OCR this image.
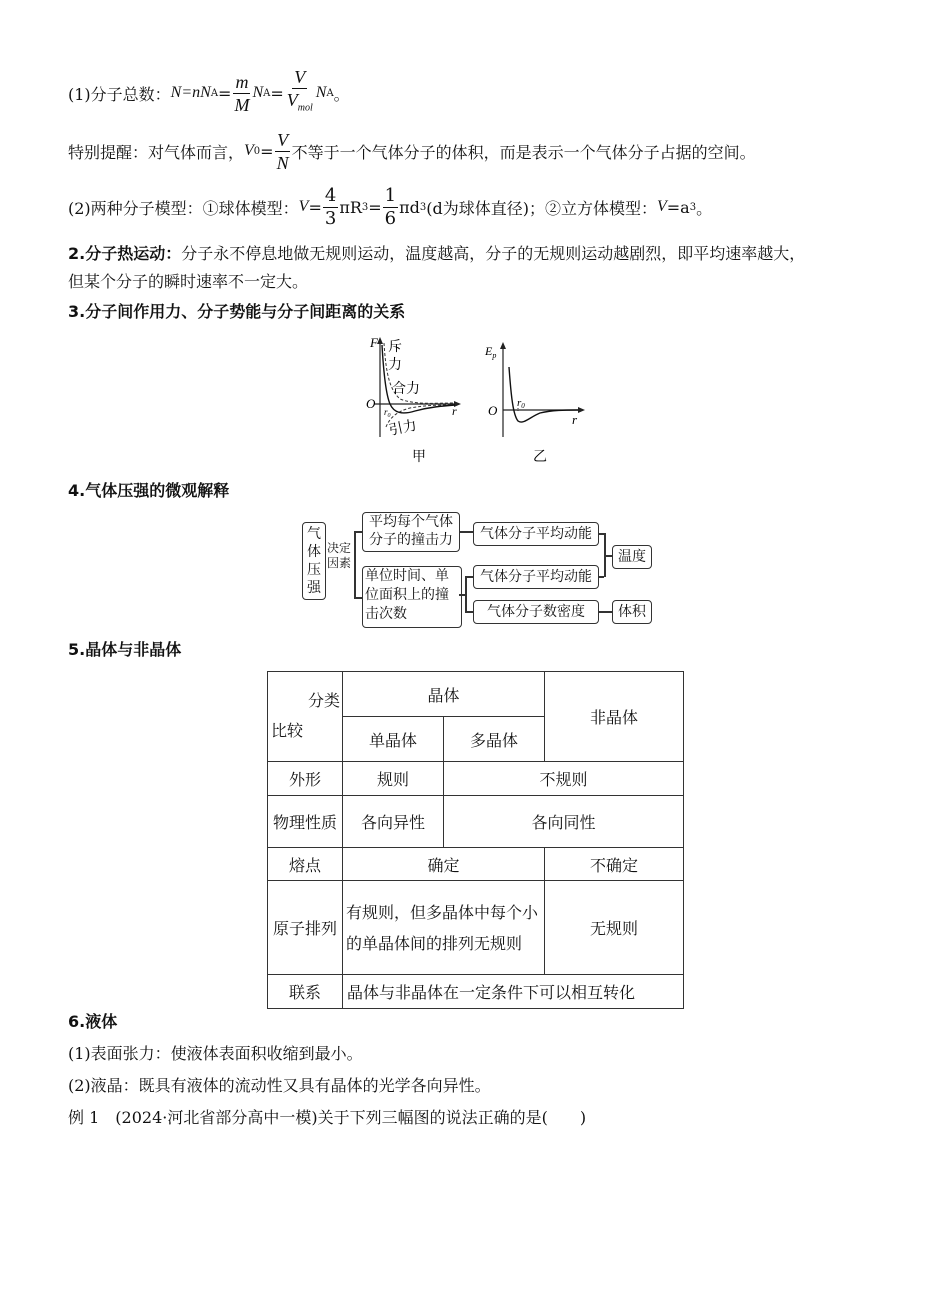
(1)分子总数： N=nN $A = \frac{m}{M}$ N $A = \frac{V}{V_{mol}}$ N A 。
特别提醒：对气体而言， V $0 = \frac{V}{N}$ 不等于一个气体分子的体积，而是表示一个气体分子占据的空间。
(2)两种分子模型：①球体模型： $V = \frac{4}{3}$ πR $3 = \frac{1}{6}$ πd 3 (d为球体直径)；②立方体模型： V =a 3 。
2.分子热运动：分子永不停息地做无规则运动，温度越高，分子的无规则运动越剧烈，即平均速率越大，
但某个分子的瞬时速率不一定大。
3.分子间作用力、分子势能与分子间距离的关系
F 斥
力
合力
引力
O
$r_0$	r
甲
$E_p$
O r0
r
乙
4.气体压强的微观解释
气体压强
决定因素
平均每个气体分子的撞击力
单位时间、单位面积上的撞击次数
气体分子平均动能
气体分子平均动能
气体分子数密度
温度
体积
5.晶体与非晶体
分类
比较	晶体		非晶体
	单晶体	多晶体	
外形	规则	不规则	
物理性质	各向异性	各向同性	
熔点	确定		不确定
原子排列	有规则，但多晶体中每个小的单晶体间的排列无规则		无规则
联系	晶体与非晶体在一定条件下可以相互转化		
6.液体
(1)表面张力：使液体表面积收缩到最小。
(2)液晶：既具有液体的流动性又具有晶体的光学各向异性。
例 1 (2024·河北省部分高中一模)关于下列三幅图的说法正确的是(　　)
